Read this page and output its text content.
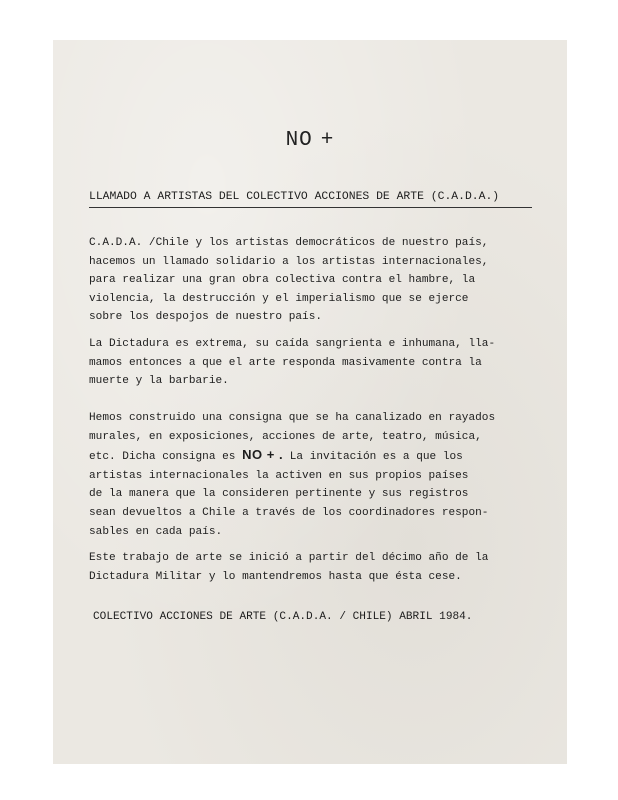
NO +
LLAMADO A ARTISTAS DEL COLECTIVO ACCIONES DE ARTE (C.A.D.A.)
C.A.D.A. /Chile y los artistas democráticos de nuestro país,
hacemos un llamado solidario a los artistas internacionales,
para realizar una gran obra colectiva contra el hambre, la
violencia, la destrucción y el imperialismo que se ejerce
sobre los despojos de nuestro país.
La Dictadura es extrema, su caída sangrienta e inhumana, lla-
mamos entonces a que el arte responda masivamente contra la
muerte y la barbarie.
Hemos construido una consigna que se ha canalizado en rayados
murales, en exposiciones, acciones de arte, teatro, música,
etc. Dicha consigna es NO + . La invitación es a que los
artistas internacionales la activen en sus propios países
de la manera que la consideren pertinente y sus registros
sean devueltos a Chile a través de los coordinadores respon-
sables en cada país.
Este trabajo de arte se inició a partir del décimo año de la
Dictadura Militar y lo mantendremos hasta que ésta cese.
COLECTIVO ACCIONES DE ARTE (C.A.D.A. / CHILE) ABRIL 1984.
